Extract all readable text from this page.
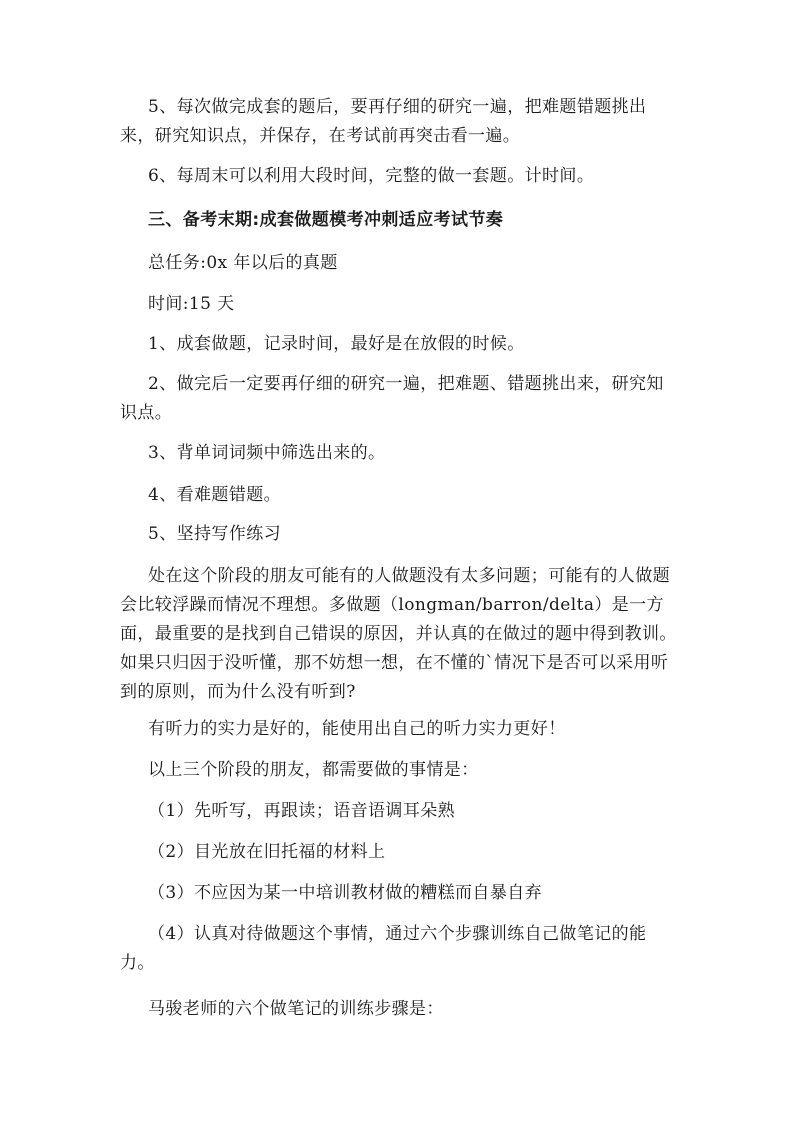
5、每次做完成套的题后，要再仔细的研究一遍，把难题错题挑出来，研究知识点，并保存，在考试前再突击看一遍。
6、每周末可以利用大段时间，完整的做一套题。计时间。
三、备考末期:成套做题模考冲刺适应考试节奏
总任务:0x 年以后的真题
时间:15 天
1、成套做题，记录时间，最好是在放假的时候。
2、做完后一定要再仔细的研究一遍，把难题、错题挑出来，研究知识点。
3、背单词词频中筛选出来的。
4、看难题错题。
5、坚持写作练习
处在这个阶段的朋友可能有的人做题没有太多问题；可能有的人做题会比较浮躁而情况不理想。多做题（longman/barron/delta）是一方面，最重要的是找到自己错误的原因，并认真的在做过的题中得到教训。如果只归因于没听懂，那不妨想一想，在不懂的`情况下是否可以采用听到的原则，而为什么没有听到?
有听力的实力是好的，能使用出自己的听力实力更好！
以上三个阶段的朋友，都需要做的事情是：
（1）先听写，再跟读；语音语调耳朵熟
（2）目光放在旧托福的材料上
（3）不应因为某一中培训教材做的糟糕而自暴自弃
（4）认真对待做题这个事情，通过六个步骤训练自己做笔记的能力。
马骏老师的六个做笔记的训练步骤是：
